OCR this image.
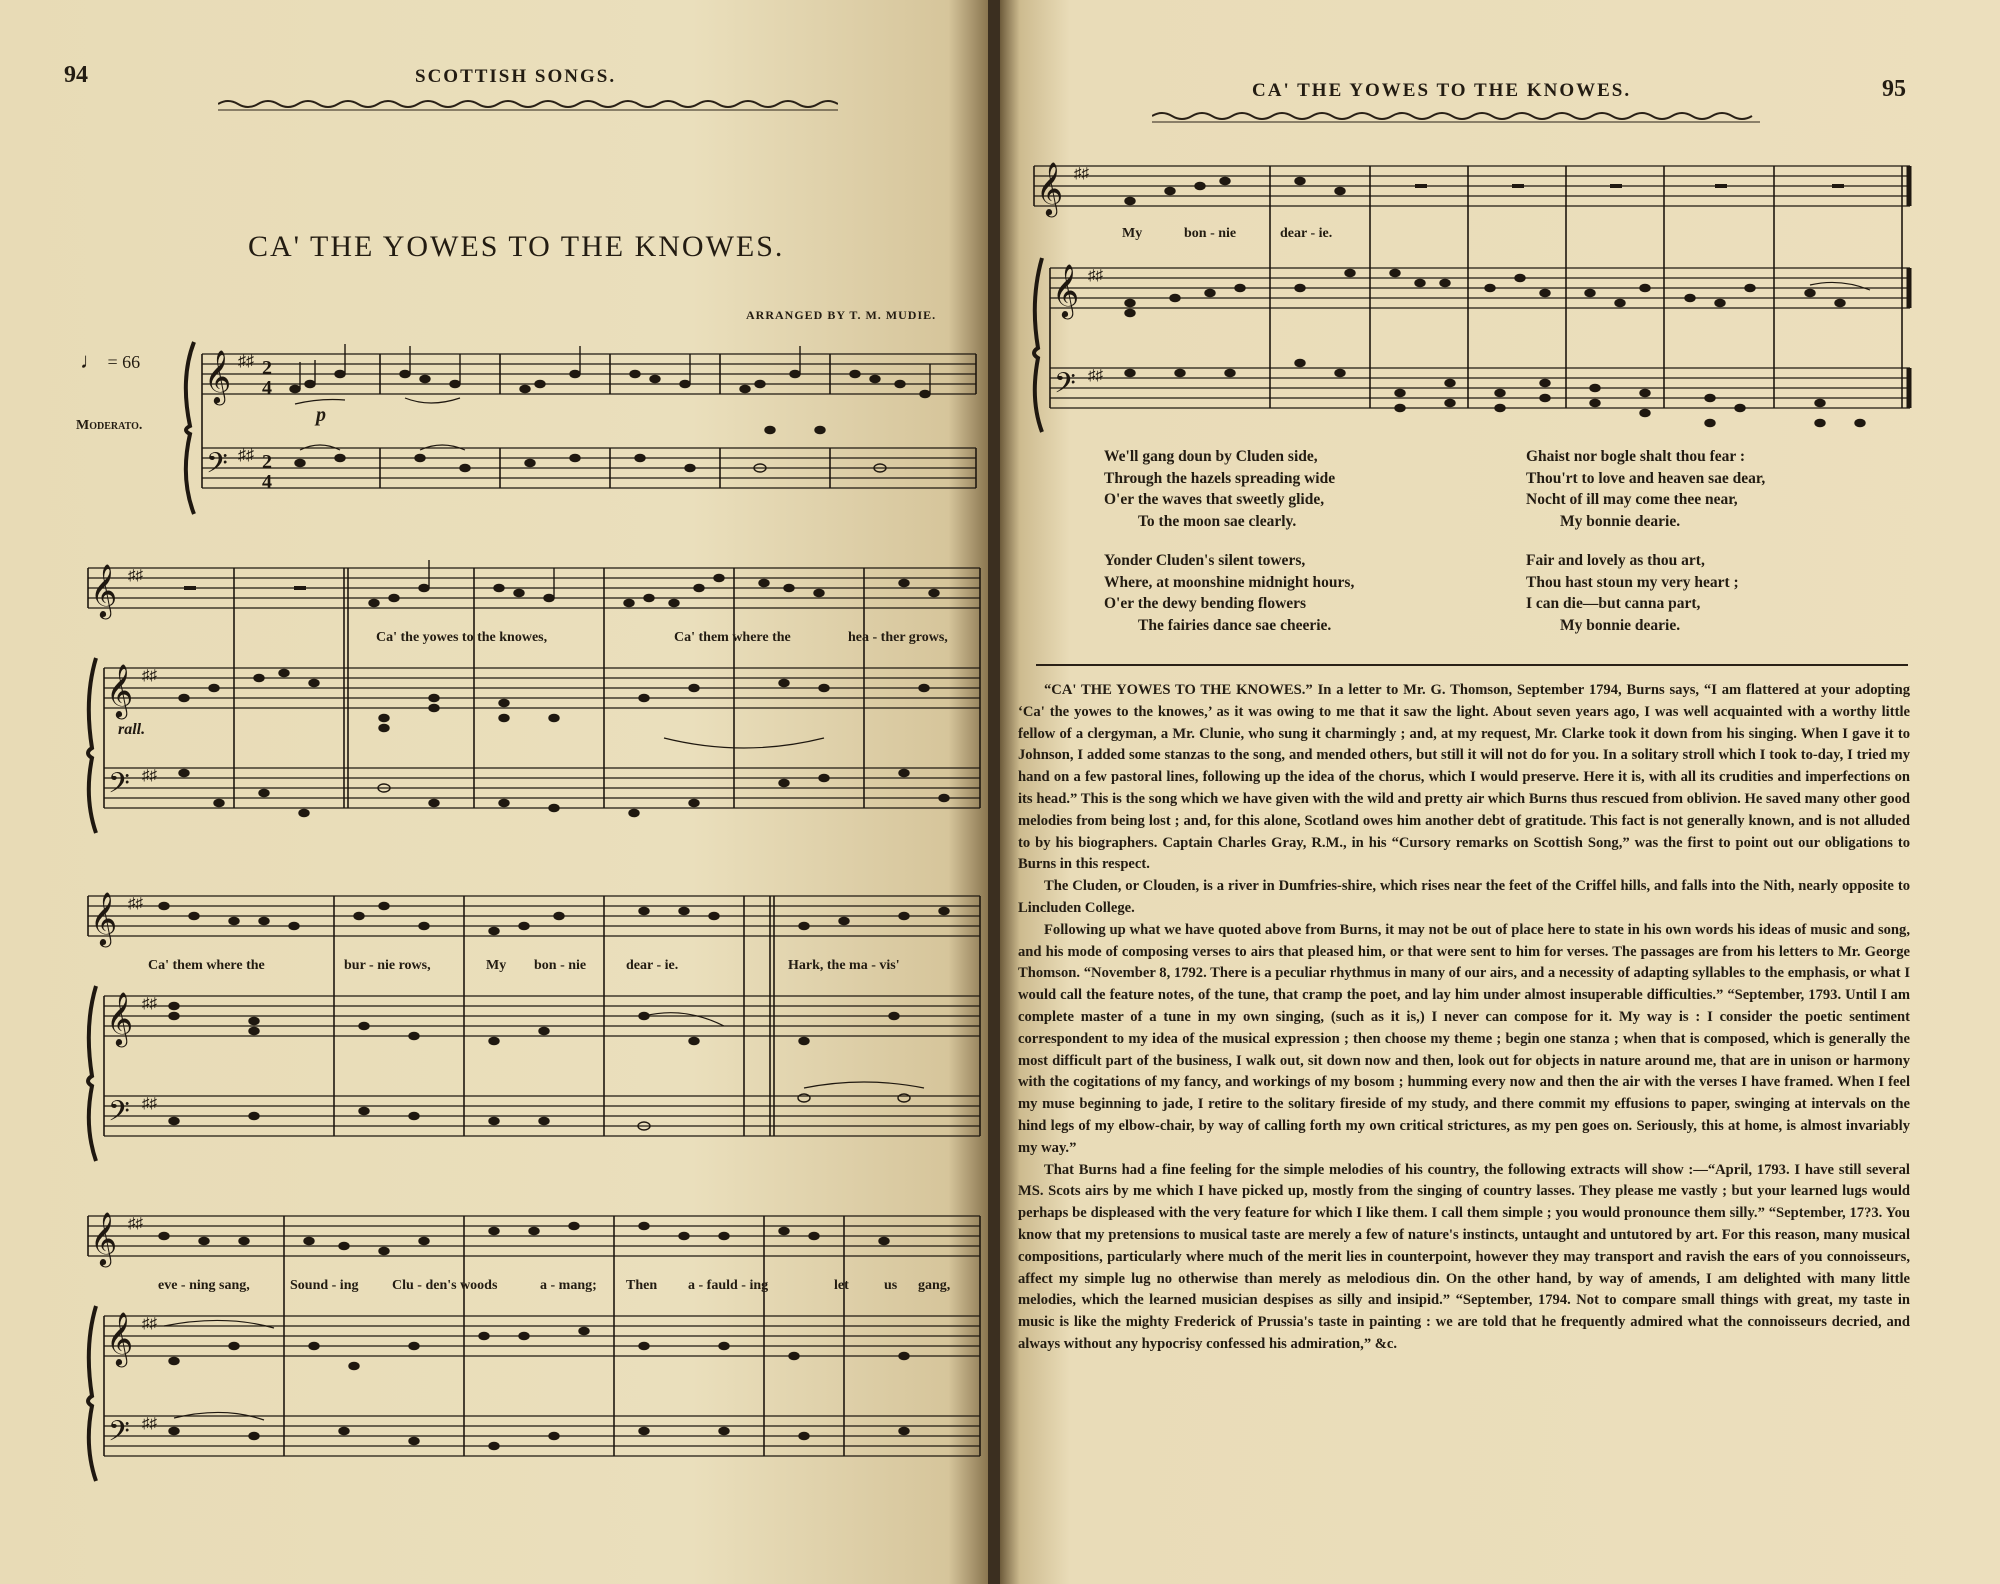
94	SCOTTISH SONGS.
CA' THE YOWES TO THE KNOWES.
ARRANGED BY T. M. MUDIE.
♩ = 66
Moderato.
𝄞
𝄢
♯♯
♯♯
2
4
2
4
p
𝄞
𝄞
𝄢
♯♯
♯♯
♯♯
rall.
Ca' the yowes to the knowes,	Ca' them where the	hea - ther grows,
𝄞
𝄞
𝄢
♯♯
♯♯
♯♯
Ca' them where the	bur - nie rows,	My bon - nie	dear - ie.	Hark, the ma - vis'
𝄞
𝄞
𝄢
♯♯
♯♯
♯♯
eve - ning sang,	Sound - ing Clu - den's woods	a - mang; Then a - fauld - ing	let	us gang,
CA' THE YOWES TO THE KNOWES.	95
𝄞
𝄞
𝄢
♯♯
♯♯
♯♯
My	bon - nie	dear - ie.
We'll gang doun by Cluden side,
Through the hazels spreading wide
O'er the waves that sweetly glide,
To the moon sae clearly.
Yonder Cluden's silent towers,
Where, at moonshine midnight hours,
O'er the dewy bending flowers
The fairies dance sae cheerie.
Ghaist nor bogle shalt thou fear :
Thou'rt to love and heaven sae dear,
Nocht of ill may come thee near,
My bonnie dearie.
Fair and lovely as thou art,
Thou hast stoun my very heart ;
I can die—but canna part,
My bonnie dearie.

“CA' THE YOWES TO THE KNOWES.” In a letter to Mr. G. Thomson, September 1794, Burns says, “I am flattered at your adopting ‘Ca' the yowes to the knowes,’ as it was owing to me that it saw the light. About seven years ago, I was well acquainted with a worthy little fellow of a clergyman, a Mr. Clunie, who sung it charmingly ; and, at my request, Mr. Clarke took it down from his singing. When I gave it to Johnson, I added some stanzas to the song, and mended others, but still it will not do for you. In a solitary stroll which I took to-day, I tried my hand on a few pastoral lines, following up the idea of the chorus, which I would preserve. Here it is, with all its crudities and imperfections on its head.” This is the song which we have given with the wild and pretty air which Burns thus rescued from oblivion. He saved many other good melodies from being lost ; and, for this alone, Scotland owes him another debt of gratitude. This fact is not generally known, and is not alluded to by his biographers. Captain Charles Gray, R.M., in his “Cursory remarks on Scottish Song,” was the first to point out our obligations to Burns in this respect.

The Cluden, or Clouden, is a river in Dumfries-shire, which rises near the feet of the Criffel hills, and falls into the Nith, nearly opposite to Lincluden College.

Following up what we have quoted above from Burns, it may not be out of place here to state in his own words his ideas of music and song, and his mode of composing verses to airs that pleased him, or that were sent to him for verses. The passages are from his letters to Mr. George Thomson. “November 8, 1792. There is a peculiar rhythmus in many of our airs, and a necessity of adapting syllables to the emphasis, or what I would call the feature notes, of the tune, that cramp the poet, and lay him under almost insuperable difficulties.” “September, 1793. Until I am complete master of a tune in my own singing, (such as it is,) I never can compose for it. My way is : I consider the poetic sentiment correspondent to my idea of the musical expression ; then choose my theme ; begin one stanza ; when that is composed, which is generally the most difficult part of the business, I walk out, sit down now and then, look out for objects in nature around me, that are in unison or harmony with the cogitations of my fancy, and workings of my bosom ; humming every now and then the air with the verses I have framed. When I feel my muse beginning to jade, I retire to the solitary fireside of my study, and there commit my effusions to paper, swinging at intervals on the hind legs of my elbow-chair, by way of calling forth my own critical strictures, as my pen goes on. Seriously, this at home, is almost invariably my way.”

That Burns had a fine feeling for the simple melodies of his country, the following extracts will show :—“April, 1793. I have still several MS. Scots airs by me which I have picked up, mostly from the singing of country lasses. They please me vastly ; but your learned lugs would perhaps be displeased with the very feature for which I like them. I call them simple ; you would pronounce them silly.” “September, 17?3. You know that my pretensions to musical taste are merely a few of nature's instincts, untaught and untutored by art. For this reason, many musical compositions, particularly where much of the merit lies in counterpoint, however they may transport and ravish the ears of you connoisseurs, affect my simple lug no otherwise than merely as melodious din. On the other hand, by way of amends, I am delighted with many little melodies, which the learned musician despises as silly and insipid.” “September, 1794. Not to compare small things with great, my taste in music is like the mighty Frederick of Prussia's taste in painting : we are told that he frequently admired what the connoisseurs decried, and always without any hypocrisy confessed his admiration,” &c.
